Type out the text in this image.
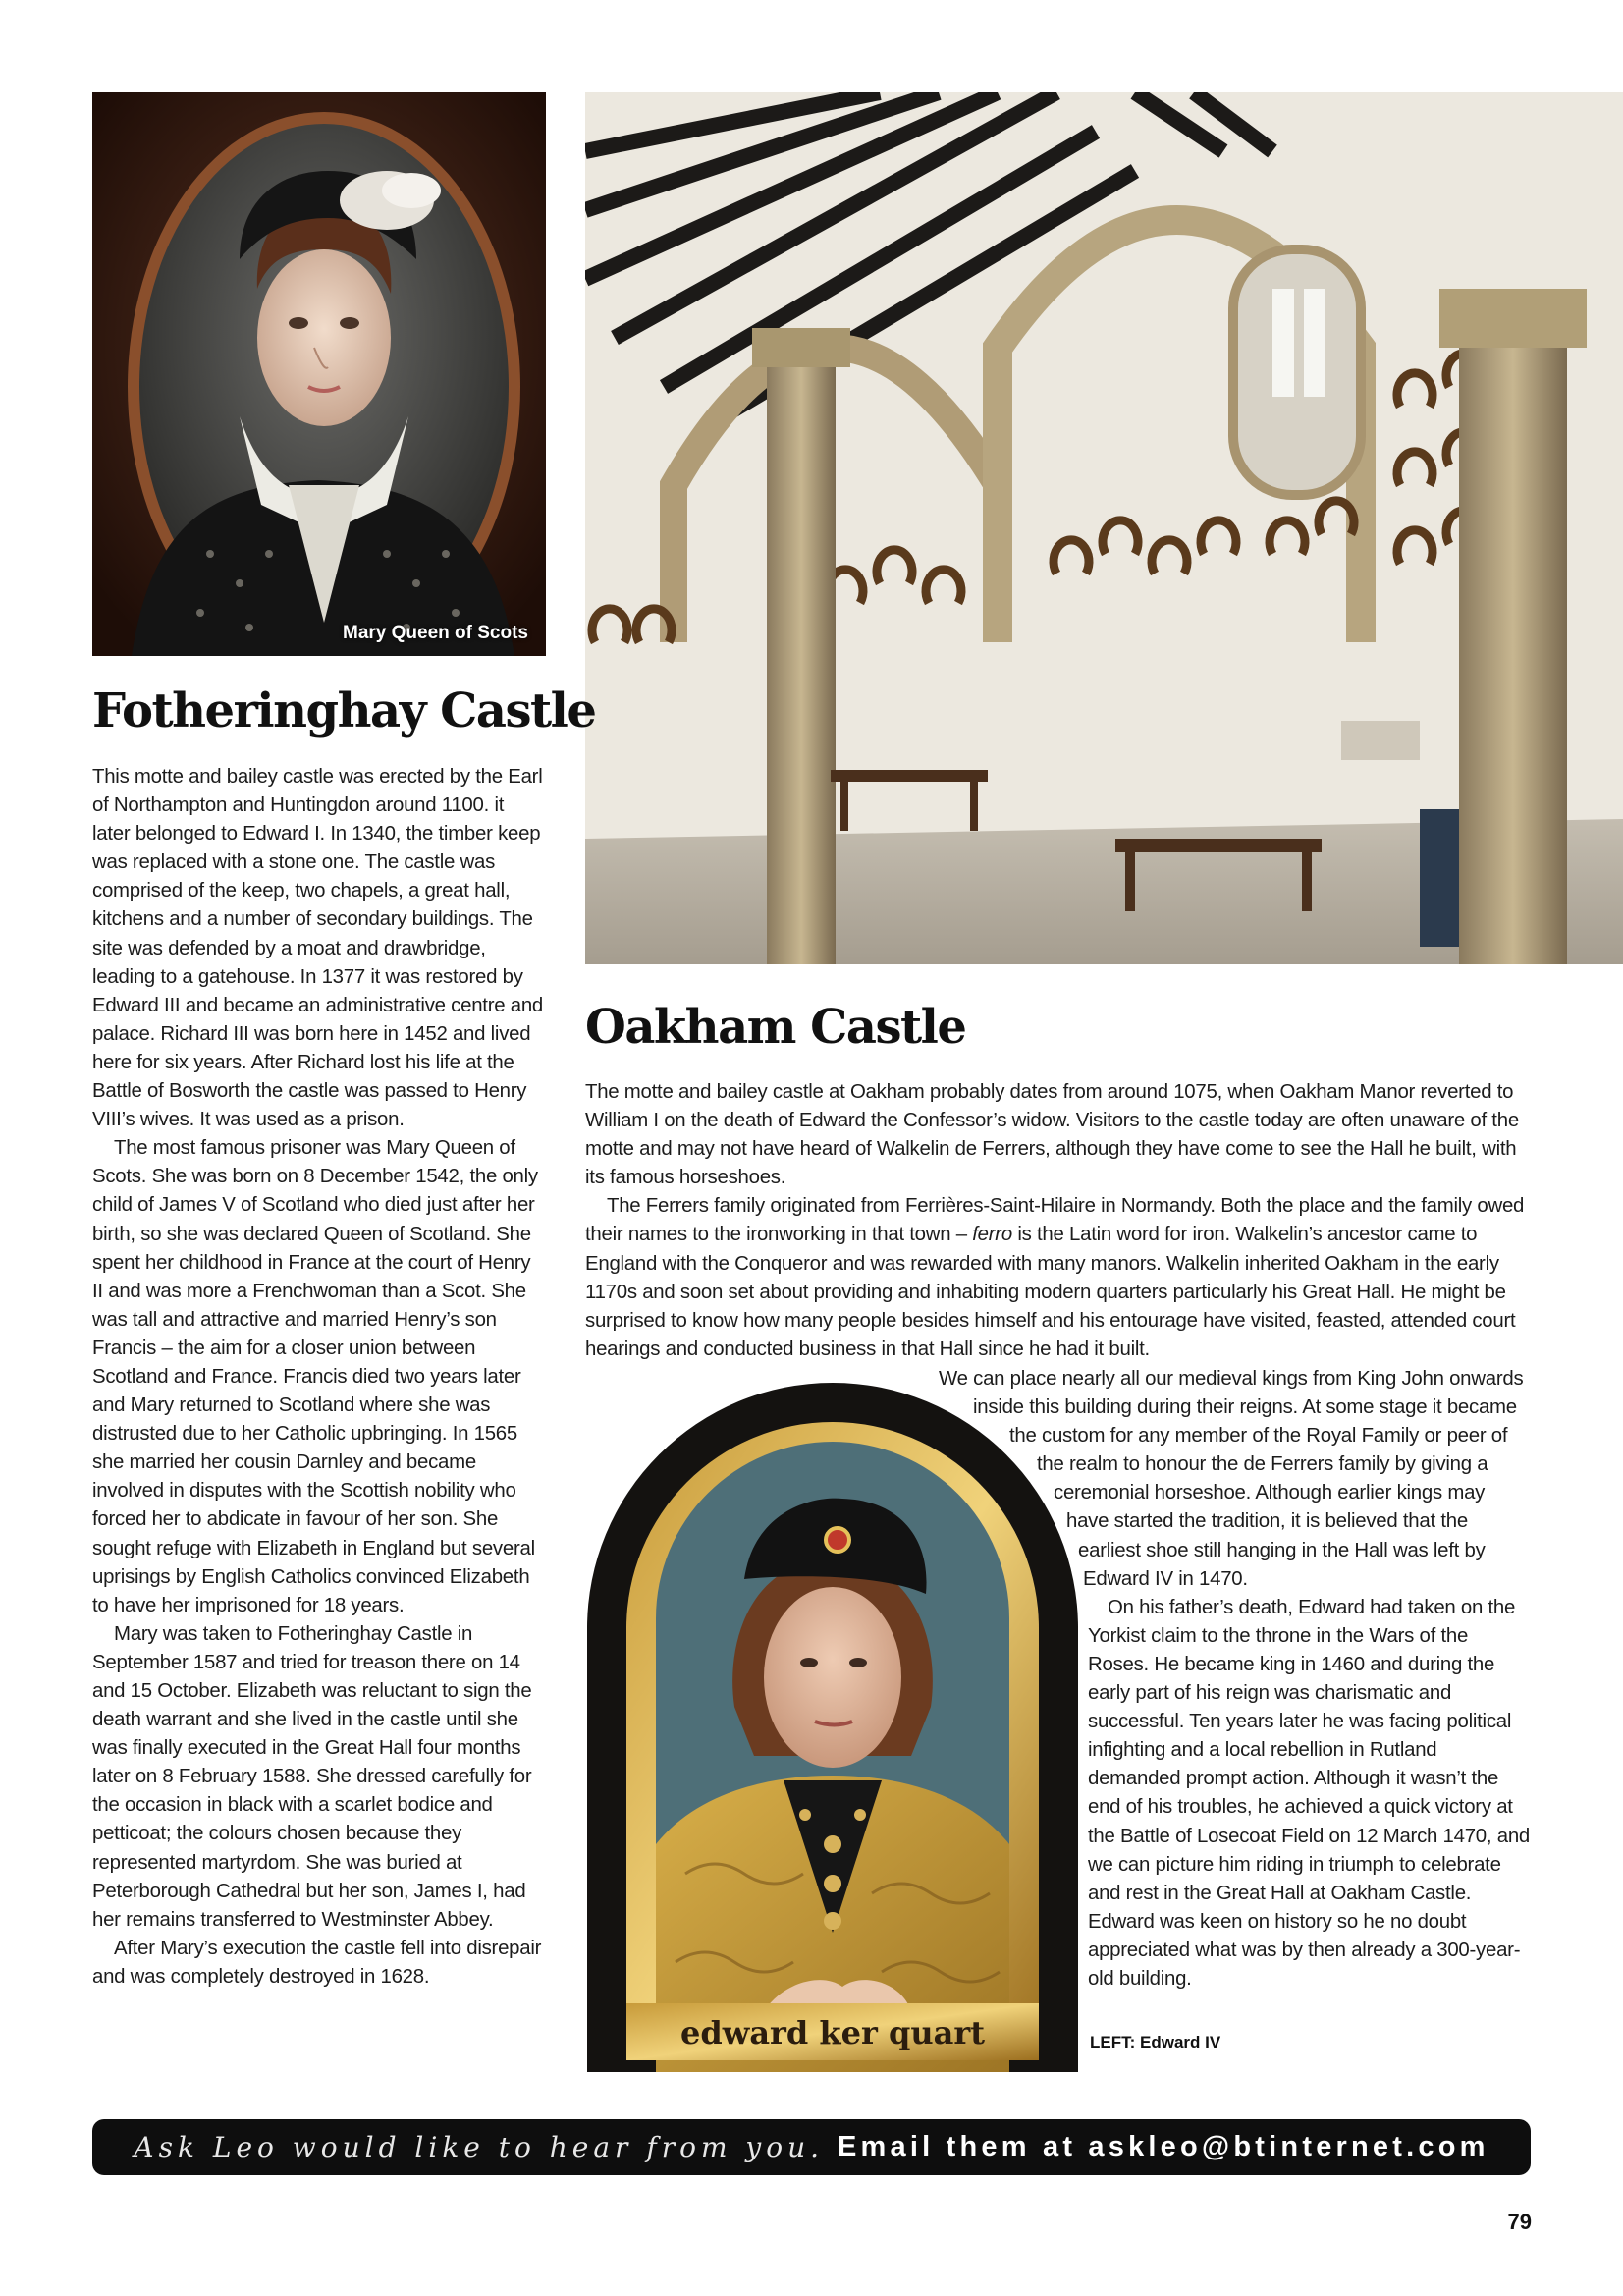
Mary Queen of Scots
Fotheringhay Castle

This motte and bailey castle was erected by the Earl of Northampton and Huntingdon around 1100. it later belonged to Edward I. In 1340, the timber keep was replaced with a stone one. The castle was comprised of the keep, two chapels, a great hall, kitchens and a number of secondary buildings. The site was defended by a moat and drawbridge, leading to a gatehouse. In 1377 it was restored by Edward III and became an administrative centre and palace. Richard III was born here in 1452 and lived here for six years. After Richard lost his life at the Battle of Bosworth the castle was passed to Henry VIII’s wives. It was used as a prison.

The most famous prisoner was Mary Queen of Scots. She was born on 8 December 1542, the only child of James V of Scotland who died just after her birth, so she was declared Queen of Scotland. She spent her childhood in France at the court of Henry II and was more a Frenchwoman than a Scot. She was tall and attractive and married Henry’s son Francis – the aim for a closer union between Scotland and France. Francis died two years later and Mary returned to Scotland where she was distrusted due to her Catholic upbringing. In 1565 she married her cousin Darnley and became involved in disputes with the Scottish nobility who forced her to abdicate in favour of her son. She sought refuge with Elizabeth in England but several uprisings by English Catholics convinced Elizabeth to have her imprisoned for 18 years.

Mary was taken to Fotheringhay Castle in September 1587 and tried for treason there on 14 and 15 October. Elizabeth was reluctant to sign the death warrant and she lived in the castle until she was finally executed in the Great Hall four months later on 8 February 1588. She dressed carefully for the occasion in black with a scarlet bodice and petticoat; the colours chosen because they represented martyrdom. She was buried at Peterborough Cathedral but her son, James I, had her remains transferred to Westminster Abbey.

After Mary’s execution the castle fell into disrepair and was completely destroyed in 1628.

Oakham Castle

The motte and bailey castle at Oakham probably dates from around 1075, when Oakham Manor reverted to William I on the death of Edward the Confessor’s widow. Visitors to the castle today are often unaware of the motte and may not have heard of Walkelin de Ferrers, although they have come to see the Hall he built, with its famous horseshoes.

The Ferrers family originated from Ferrières-Saint-Hilaire in Normandy. Both the place and the family owed their names to the ironworking in that town – ferro is the Latin word for iron. Walkelin’s ancestor came to England with the Conqueror and was rewarded with many manors. Walkelin inherited Oakham in the early 1170s and soon set about providing and inhabiting modern quarters particularly his Great Hall. He might be surprised to know how many people besides himself and his entourage have visited, feasted, attended court hearings and conducted business in that Hall since he had it built.

We can place nearly all our medieval kings from King John onwards inside this building during their reigns. At some stage it became the custom for any member of the Royal Family or peer of the realm to honour the de Ferrers family by giving a ceremonial horseshoe. Although earlier kings may have started the tradition, it is believed that the earliest shoe still hanging in the Hall was left by Edward IV in 1470.

On his father’s death, Edward had taken on the Yorkist claim to the throne in the Wars of the Roses. He became king in 1460 and during the early part of his reign was charismatic and successful. Ten years later he was facing political infighting and a local rebellion in Rutland demanded prompt action. Although it wasn’t the end of his troubles, he achieved a quick victory at the Battle of Losecoat Field on 12 March 1470, and we can picture him riding in triumph to celebrate and rest in the Great Hall at Oakham Castle. Edward was keen on history so he no doubt appreciated what was by then already a 300-year-old building.

edward ker quart	LEFT: Edward IV
Ask Leo would like to hear from you. Email them at askleo@btinternet.com
79
